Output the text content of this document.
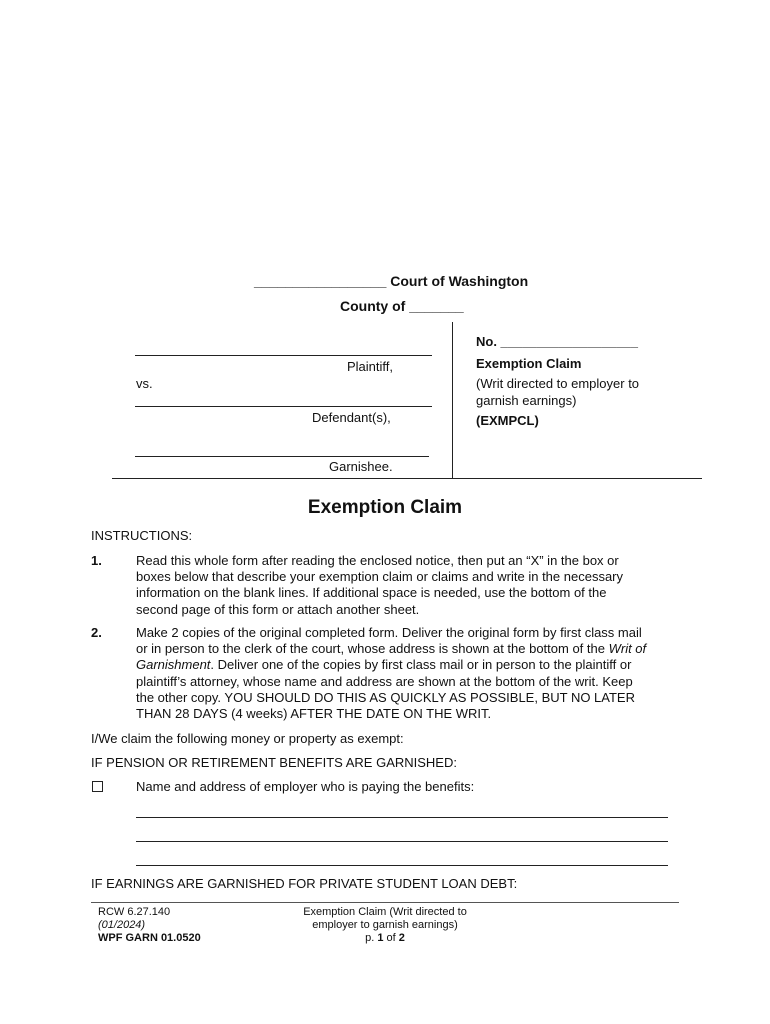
_________________ Court of Washington
County of _______
Plaintiff,
vs.
Defendant(s),
Garnishee.
No. ___________________
Exemption Claim
(Writ directed to employer to
garnish earnings)
(EXMPCL)
Exemption Claim
INSTRUCTIONS:
1.	Read this whole form after reading the enclosed notice, then put an “X” in the box or
boxes below that describe your exemption claim or claims and write in the necessary
information on the blank lines. If additional space is needed, use the bottom of the
second page of this form or attach another sheet.
2.	Make 2 copies of the original completed form. Deliver the original form by first class mail
or in person to the clerk of the court, whose address is shown at the bottom of the Writ of
Garnishment. Deliver one of the copies by first class mail or in person to the plaintiff or
plaintiff’s attorney, whose name and address are shown at the bottom of the writ. Keep
the other copy. YOU SHOULD DO THIS AS QUICKLY AS POSSIBLE, BUT NO LATER
THAN 28 DAYS (4 weeks) AFTER THE DATE ON THE WRIT.
I/We claim the following money or property as exempt:
IF PENSION OR RETIREMENT BENEFITS ARE GARNISHED:
Name and address of employer who is paying the benefits:
IF EARNINGS ARE GARNISHED FOR PRIVATE STUDENT LOAN DEBT:
RCW 6.27.140
(01/2024)
WPF GARN 01.0520
Exemption Claim (Writ directed to
employer to garnish earnings)
p. 1 of 2
